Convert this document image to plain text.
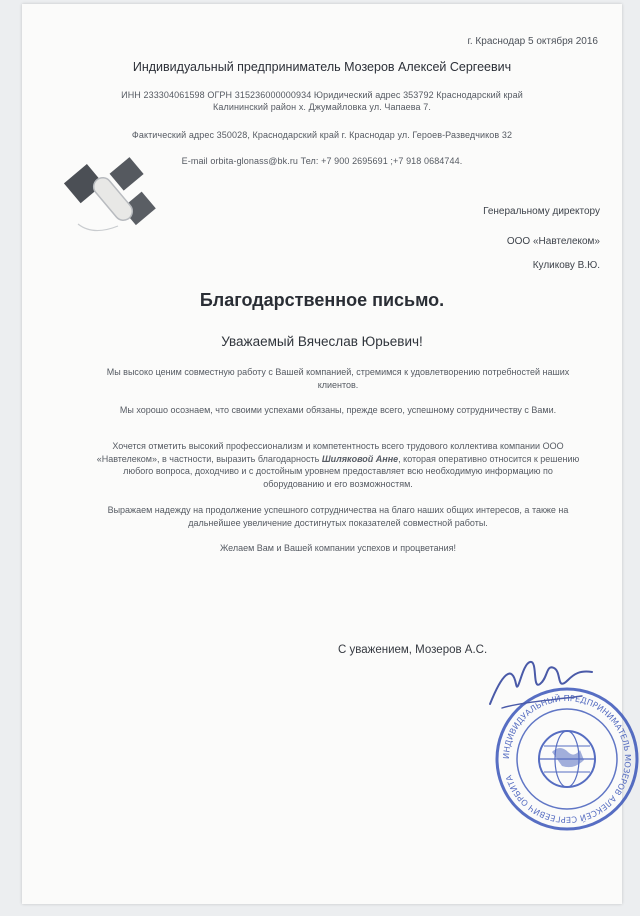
г. Краснодар 5 октября 2016
Индивидуальный предприниматель Мозеров Алексей Сергеевич
ИНН 233304061598 ОГРН 315236000000934 Юридический адрес 353792 Краснодарский край
Калининский район х. Джумайловка ул. Чапаева 7.
Фактический адрес 350028, Краснодарский край г. Краснодар ул. Героев-Разведчиков 32
E-mail orbita-glonass@bk.ru Тел: +7 900 2695691 ;+7 918 0684744.
Генеральному директору
ООО «Навтелеком»
Куликову В.Ю.
Благодарственное письмо.
Уважаемый Вячеслав Юрьевич!
Мы высоко ценим совместную работу с Вашей компанией, стремимся к удовлетворению потребностей наших клиентов.
Мы хорошо осознаем, что своими успехами обязаны, прежде всего, успешному сотрудничеству с Вами.
Хочется отметить высокий профессионализм и компетентность всего трудового коллектива компании ООО «Навтелеком», в частности, выразить благодарность Шиляковой Анне, которая оперативно относится к решению любого вопроса, доходчиво и с достойным уровнем предоставляет всю необходимую информацию по оборудованию и его возможностям.
Выражаем надежду на продолжение успешного сотрудничества на благо наших общих интересов, а также на дальнейшее увеличение достигнутых показателей совместной работы.
Желаем Вам и Вашей компании успехов и процветания!
С уважением, Мозеров А.С.
ИНДИВИДУАЛЬНЫЙ ПРЕДПРИНИМАТЕЛЬ МОЗЕРОВ АЛЕКСЕЙ СЕРГЕЕВИЧ ОРБИТА
